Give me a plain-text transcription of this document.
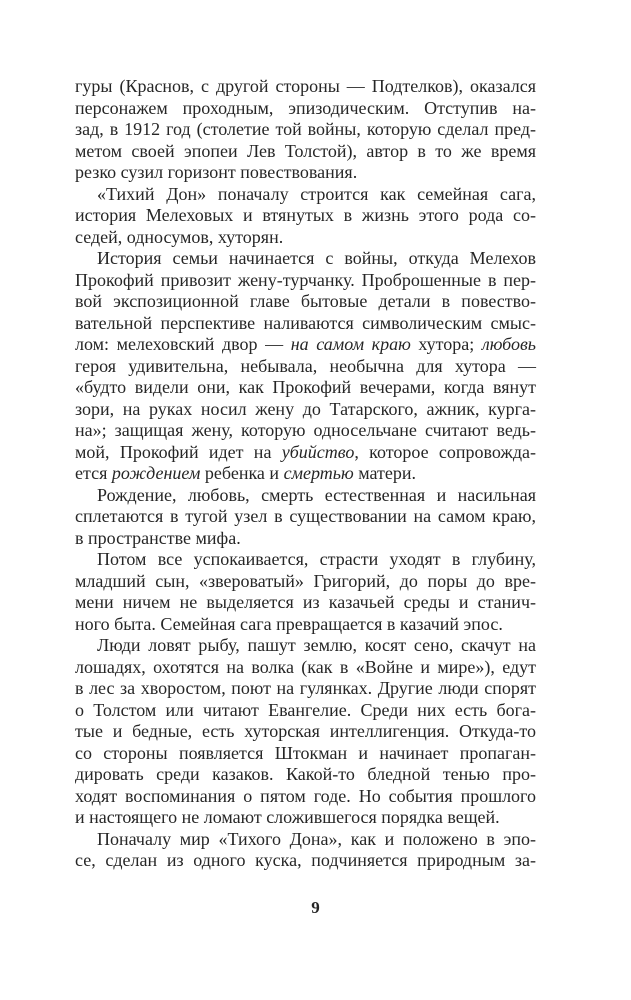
гуры (Краснов, с другой стороны — Подтелков), оказался
персонажем проходным, эпизодическим. Отступив на-
зад, в 1912 год (столетие той войны, которую сделал пред-
метом своей эпопеи Лев Толстой), автор в то же время
резко сузил горизонт повествования.
«Тихий Дон» поначалу строится как семейная сага,
история Мелеховых и втянутых в жизнь этого рода со-
седей, односумов, хуторян.
История семьи начинается с войны, откуда Мелехов
Прокофий привозит жену-турчанку. Проброшенные в пер-
вой экспозиционной главе бытовые детали в повество-
вательной перспективе наливаются символическим смыс-
лом: мелеховский двор — на самом краю хутора; любовь
героя удивительна, небывала, необычна для хутора —
«будто видели они, как Прокофий вечерами, когда вянут
зори, на руках носил жену до Татарского, ажник, курга-
на»; защищая жену, которую односельчане считают ведь-
мой, Прокофий идет на убийство, которое сопровожда-
ется рождением ребенка и смертью матери.
Рождение, любовь, смерть естественная и насильная
сплетаются в тугой узел в существовании на самом краю,
в пространстве мифа.
Потом все успокаивается, страсти уходят в глубину,
младший сын, «звероватый» Григорий, до поры до вре-
мени ничем не выделяется из казачьей среды и станич-
ного быта. Семейная сага превращается в казачий эпос.
Люди ловят рыбу, пашут землю, косят сено, скачут на
лошадях, охотятся на волка (как в «Войне и мире»), едут
в лес за хворостом, поют на гулянках. Другие люди спорят
о Толстом или читают Евангелие. Среди них есть бога-
тые и бедные, есть хуторская интеллигенция. Откуда-то
со стороны появляется Штокман и начинает пропаган-
дировать среди казаков. Какой-то бледной тенью про-
ходят воспоминания о пятом годе. Но события прошлого
и настоящего не ломают сложившегося порядка вещей.
Поначалу мир «Тихого Дона», как и положено в эпо-
се, сделан из одного куска, подчиняется природным за-
9
